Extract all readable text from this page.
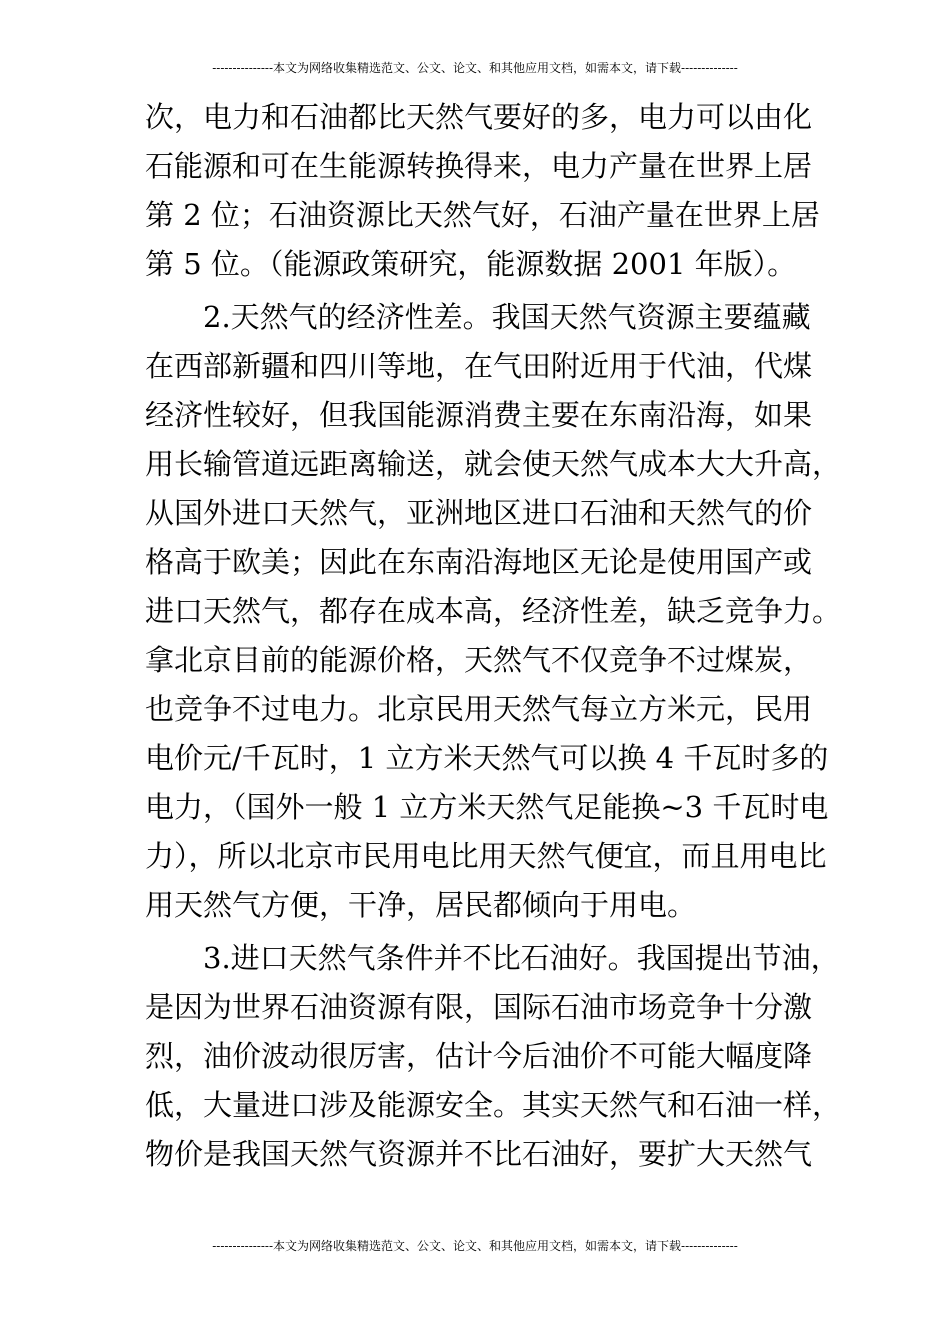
---------------本文为网络收集精选范文、公文、论文、和其他应用文档，如需本文，请下载--------------
次，电力和石油都比天然气要好的多，电力可以由化
石能源和可在生能源转换得来，电力产量在世界上居
第 2 位；石油资源比天然气好，石油产量在世界上居
第 5 位。（能源政策研究，能源数据 2001 年版）。
2.天然气的经济性差。我国天然气资源主要蕴藏
在西部新疆和四川等地，在气田附近用于代油，代煤
经济性较好，但我国能源消费主要在东南沿海，如果
用长输管道远距离输送，就会使天然气成本大大升高，
从国外进口天然气，亚洲地区进口石油和天然气的价
格高于欧美；因此在东南沿海地区无论是使用国产或
进口天然气，都存在成本高，经济性差，缺乏竞争力。
拿北京目前的能源价格，天然气不仅竞争不过煤炭，
也竞争不过电力。北京民用天然气每立方米元，民用
电价元/千瓦时，1 立方米天然气可以换 4 千瓦时多的
电力，（国外一般 1 立方米天然气足能换~3 千瓦时电
力），所以北京市民用电比用天然气便宜，而且用电比
用天然气方便，干净，居民都倾向于用电。
3.进口天然气条件并不比石油好。我国提出节油，
是因为世界石油资源有限，国际石油市场竞争十分激
烈，油价波动很厉害，估计今后油价不可能大幅度降
低，大量进口涉及能源安全。其实天然气和石油一样，
物价是我国天然气资源并不比石油好，要扩大天然气
---------------本文为网络收集精选范文、公文、论文、和其他应用文档，如需本文，请下载--------------
